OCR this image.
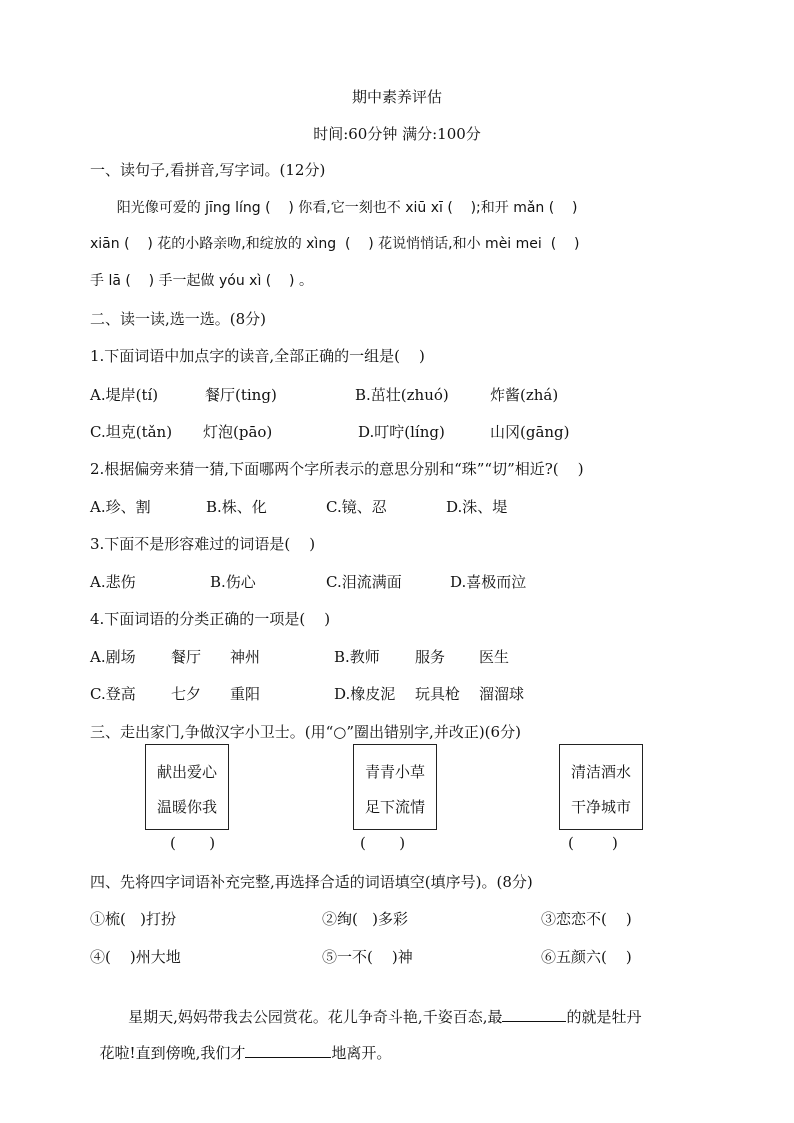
期中素养评估
时间:60分钟 满分:100分
一、读句子,看拼音,写字词。(12分)
阳光像可爱的 jīng líng (    ) 你看,它一刻也不 xiū xī (    );和开 mǎn (    )
xiān (    ) 花的小路亲吻,和绽放的 xìng  (    ) 花说悄悄话,和小 mèi mei  (    )
手 lā (    ) 手一起做 yóu xì (    ) 。
二、读一读,选一选。(8分)
1.下面词语中加点字的读音,全部正确的一组是(    )
A.堤岸(tí)	餐厅(ting)	B.茁壮(zhuó)	炸酱(zhá)
C.坦克(tǎn) 灯泡(pāo)	D.叮咛(líng)	山冈(gāng)
2.根据偏旁来猜一猜,下面哪两个字所表示的意思分别和“珠”“切”相近?(    )
A.珍、割	B.株、化	C.镜、忍	D.洙、堤
3.下面不是形容难过的词语是(    )
A.悲伤	B.伤心	C.泪流满面	D.喜极而泣
4.下面词语的分类正确的一项是(    )
A.剧场 餐厅 神州	B.教师 服务 医生
C.登高 七夕 重阳	D.橡皮泥 玩具枪 溜溜球
三、走出家门,争做汉字小卫士。(用“○”圈出错别字,并改正)(6分)
献出爱心
温暖你我
(       )
青青小草
足下流情
(       )
清洁酒水
干净城市
(        )
四、先将四字词语补充完整,再选择合适的词语填空(填序号)。(8分)
①梳(   )打扮	②绚(   )多彩	③恋恋不(    )
④(    )州大地	⑤一不(    )神	⑥五颜六(    )

星期天,妈妈带我去公园赏花。花儿争奇斗艳,千姿百态,最	的就是牡丹

花啦!直到傍晚,我们才	地离开。
